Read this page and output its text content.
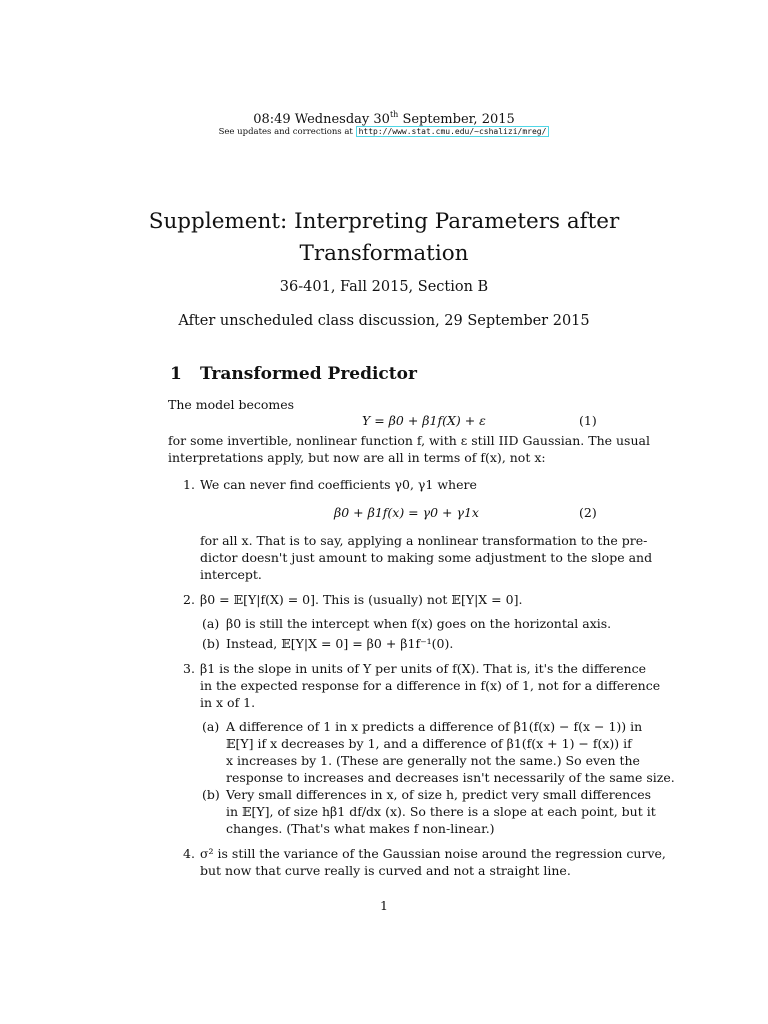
08:49 Wednesday 30th September, 2015
See updates and corrections at http://www.stat.cmu.edu/~cshalizi/mreg/
Supplement: Interpreting Parameters after
Transformation
36-401, Fall 2015, Section B
After unscheduled class discussion, 29 September 2015
1 Transformed Predictor
The model becomes
Y = β0 + β1f(X) + ε	(1)
for some invertible, nonlinear function f, with ε still IID Gaussian. The usual
interpretations apply, but now are all in terms of f(x), not x:
1. We can never find coefficients γ0, γ1 where
β0 + β1f(x) = γ0 + γ1x	(2)
for all x. That is to say, applying a nonlinear transformation to the pre-
dictor doesn't just amount to making some adjustment to the slope and
intercept.
2. β0 = 𝔼[Y|f(X) = 0]. This is (usually) not 𝔼[Y|X = 0].
(a) β0 is still the intercept when f(x) goes on the horizontal axis.
(b) Instead, 𝔼[Y|X = 0] = β0 + β1f⁻¹(0).
3. β1 is the slope in units of Y per units of f(X). That is, it's the difference
in the expected response for a difference in f(x) of 1, not for a difference
in x of 1.
(a) A difference of 1 in x predicts a difference of β1(f(x) − f(x − 1)) in
𝔼[Y] if x decreases by 1, and a difference of β1(f(x + 1) − f(x)) if
x increases by 1. (These are generally not the same.) So even the
response to increases and decreases isn't necessarily of the same size.
(b) Very small differences in x, of size h, predict very small differences
in 𝔼[Y], of size hβ1 df/dx (x). So there is a slope at each point, but it
changes. (That's what makes f non-linear.)
4. σ² is still the variance of the Gaussian noise around the regression curve,
but now that curve really is curved and not a straight line.
1
